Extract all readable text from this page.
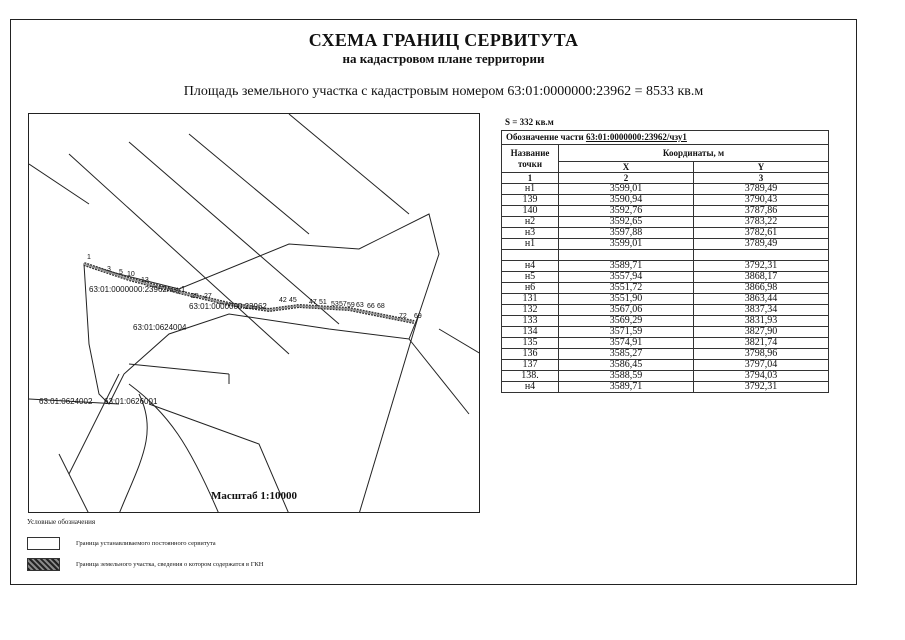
СХЕМА ГРАНИЦ СЕРВИТУТА
на кадастровом плане территории
Площадь земельного участка с кадастровым номером 63:01:0000000:23962 = 8533 кв.м
1
3 5 10
13
25 27
42 45 47 51 53 57 59 63 66 68
72 69
63:01:0000000:23962/чзу1
63:01:0000000:23962
63:01:0624004
63:01:0626001
63:01:0624002
Масштаб 1:10000
S = 332 кв.м
Обозначение части 63:01:0000000:23962/чзу1		
Название точки	Координаты, м	
	X	Y
1	2	3
н1	3599,01	3789,49
139	3590,94	3790,43
140	3592,76	3787,86
н2	3592,65	3783,22
н3	3597,88	3782,61
н1	3599,01	3789,49

н4	3589,71	3792,31
н5	3557,94	3868,17
н6	3551,72	3866,98
131	3551,90	3863,44
132	3567,06	3837,34
133	3569,29	3831,93
134	3571,59	3827,90
135	3574,91	3821,74
136	3585,27	3798,96
137	3586,45	3797,04
138.	3588,59	3794,03
н4	3589,71	3792,31
Условные обозначения
Граница устанавливаемого постоянного сервитута
Граница земельного участка, сведения о котором содержатся в ГКН
